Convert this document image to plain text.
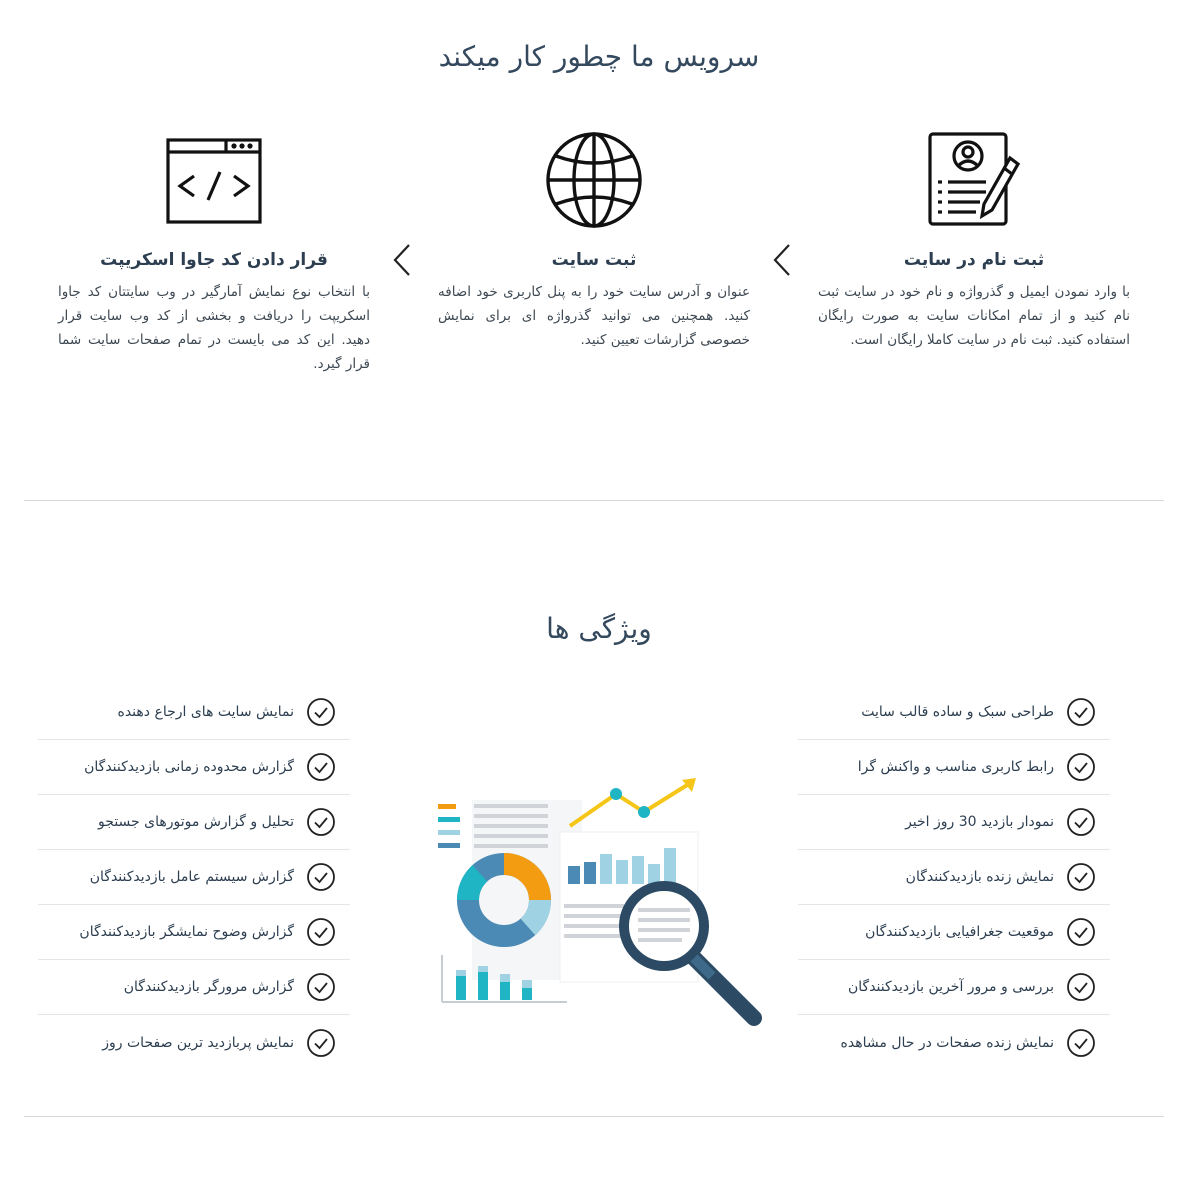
سرویس ما چطور کار میکند
ثبت نام در سایت

با وارد نمودن ایمیل و گذرواژه و نام خود در سایت ثبت نام کنید و از تمام امکانات سایت به صورت رایگان استفاده کنید. ثبت نام در سایت کاملا رایگان است.

ثبت سایت

عنوان و آدرس سایت خود را به پنل کاربری خود اضافه کنید. همچنین می توانید گذرواژه ای برای نمایش خصوصی گزارشات تعیین کنید.

قرار دادن کد جاوا اسکریپت

با انتخاب نوع نمایش آمارگیر در وب سایتتان کد جاوا اسکریپت را دریافت و بخشی از کد وب سایت قرار دهید. این کد می بایست در تمام صفحات سایت شما قرار گیرد.

ویژگی ها
طراحی سبک و ساده قالب سایت
رابط کاربری مناسب و واکنش گرا
نمودار بازدید 30 روز اخیر
نمایش زنده بازدیدکنندگان
موقعیت جغرافیایی بازدیدکنندگان
بررسی و مرور آخرین بازدیدکنندگان
نمایش زنده صفحات در حال مشاهده
نمایش سایت های ارجاع دهنده
گزارش محدوده زمانی بازدیدکنندگان
تحلیل و گزارش موتورهای جستجو
گزارش سیستم عامل بازدیدکنندگان
گزارش وضوح نمایشگر بازدیدکنندگان
گزارش مرورگر بازدیدکنندگان
نمایش پربازدید ترین صفحات روز
